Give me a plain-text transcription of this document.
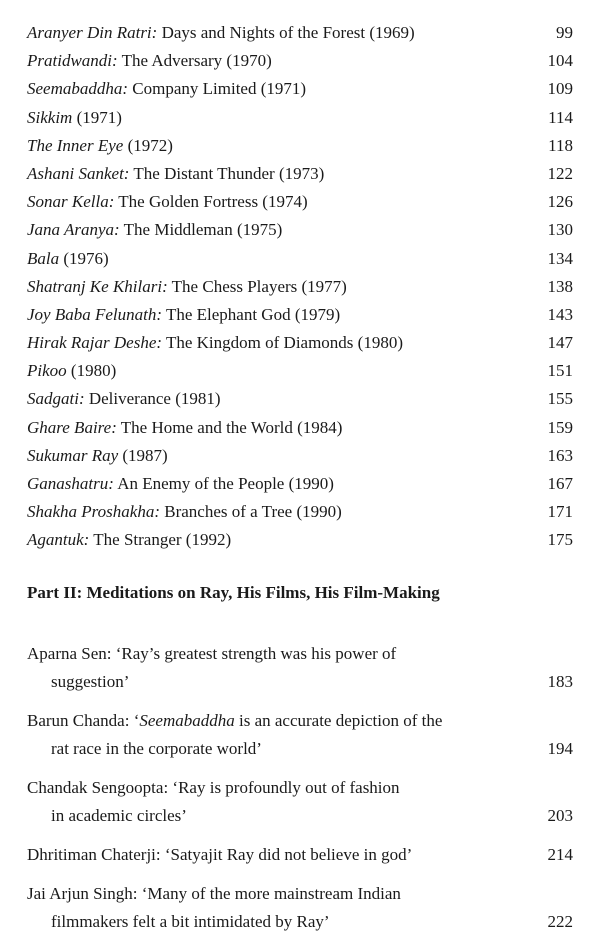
Aranyer Din Ratri: Days and Nights of the Forest (1969)	99
Pratidwandi: The Adversary (1970)	104
Seemabaddha: Company Limited (1971)	109
Sikkim (1971)	114
The Inner Eye (1972)	118
Ashani Sanket: The Distant Thunder (1973)	122
Sonar Kella: The Golden Fortress (1974)	126
Jana Aranya: The Middleman (1975)	130
Bala (1976)	134
Shatranj Ke Khilari: The Chess Players (1977)	138
Joy Baba Felunath: The Elephant God (1979)	143
Hirak Rajar Deshe: The Kingdom of Diamonds (1980)	147
Pikoo (1980)	151
Sadgati: Deliverance (1981)	155
Ghare Baire: The Home and the World (1984)	159
Sukumar Ray (1987)	163
Ganashatru: An Enemy of the People (1990)	167
Shakha Proshakha: Branches of a Tree (1990)	171
Agantuk: The Stranger (1992)	175
Part II: Meditations on Ray, His Films, His Film-Making
Aparna Sen: ‘Ray’s greatest strength was his power of
suggestion’	183
Barun Chanda: ‘Seemabaddha is an accurate depiction of the
rat race in the corporate world’	194
Chandak Sengoopta: ‘Ray is profoundly out of fashion
in academic circles’	203
Dhritiman Chaterji: ‘Satyajit Ray did not believe in god’	214
Jai Arjun Singh: ‘Many of the more mainstream Indian
filmmakers felt a bit intimidated by Ray’	222
